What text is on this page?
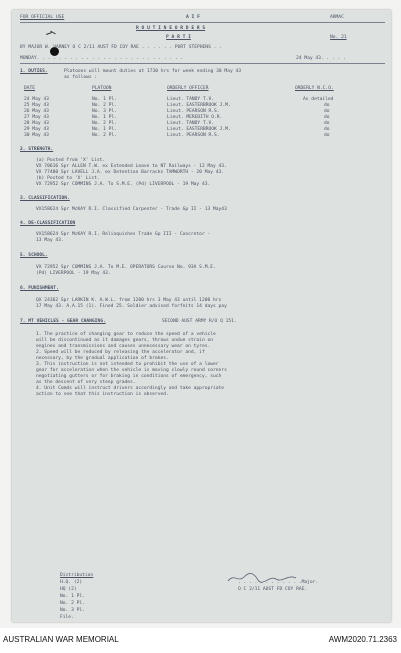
FOR OFFICIAL USE	A I F	ARMAC
R O U T I N E O R D E R S
P A R T I	No. 21
BY MAJOR W. VARNEY O C 2/11 AUST FD COY RAE . . . . . . PORT STEPHENS . .
MONDAY. . . . . . . . . . . . . . . . . . . . . . . . . . .	24 May 43. . . . .
1. DUTIES.	Platoons will mount duties at 1730 hrs for week ending 30 May 43
as follows :
DATE	PLATOON	ORDERLY OFFICER	ORDERLY N.C.O.
24 May 43	No. 1 Pl.	Lieut. TANDY T.V.	As detailed
25 May 43	No. 2 Pl.	Lieut. EASTERBROOK J.M.	do
26 May 43	No. 3 Pl.	Lieut. PEARSON R.S.	do
27 May 43	No. 1 Pl.	Lieut. MEREDITH O.R.	do
28 May 43	No. 2 Pl.	Lieut. TANDY T.V.	do
29 May 43	No. 1 Pl.	Lieut. EASTERBROOK J.M.	do
30 May 43	No. 2 Pl.	Lieut. PEARSON R.S.	do
2. STRENGTH.
(a) Posted from 'X' List.
VX 70616 Spr ALLEN T.W. ex Extended Leave to NT Railways - 12 May 43.
VX 77400 Spr LAVELL J.A. ex Detention Barracks TAMWORTH - 20 May 43.
(b) Posted to 'X' List.
VX 72952 Spr COMMINS J.A. To S.M.E. (Pd) LIVERPOOL - 19 May 43.
3. CLASSIFICATION.
VX158624 Spr McKAY R.I. Classified Carpenter - Trade Gp II - 13 May43
4. DE-CLASSIFICATION
VX158624 Spr McKAY R.I. Relinquishes Trade Gp III - Concretor -
13 May 43.
5. SCHOOL.
VX 72952 Spr COMMINS J.A. To M.E. OPERATORS Course No. 93A S.M.E.
(Pd) LIVERPOOL - 19 May 43.
6. PUNISHMENT.
QX 24362 Spr LARKIN K. A.W.L. from 1200 hrs 3 May 43 until 1200 hrs
17 May 43. A.A.15 (1). Fined 25. Soldier advised forfeits 14 days pay
7. MT VEHICLES - GEAR CHANGING.	SECOND AUST ARMY R/O Q 151.
1. The practice of changing gear to reduce the speed of a vehicle
will be discontinued as it damages gears, throws undue strain on
engines and transmissions and causes unnecessary wear on tyres.
2. Speed will be reduced by releasing the accelerator and, if
necessary, by the gradual application of brakes.
3. This instruction is not intended to prohibit the use of a lower
gear for acceleration when the vehicle is moving slowly round corners
negotiating gutters or for braking in conditions of emergency, such
as the descent of very steep grades.
4. Unit Comds will instruct drivers accordingly and take appropriate
action to see that this instruction is observed.
. . . . . . . . . . . .Major.
O C 2/11 AUST FD COY RAE.
Distribution
H.Q. (2)
HQ (2)
No. 1 Pl.
No. 2 Pl.
No. 3 Pl.
File.
AUSTRALIAN WAR MEMORIAL	AWM2020.71.2363
